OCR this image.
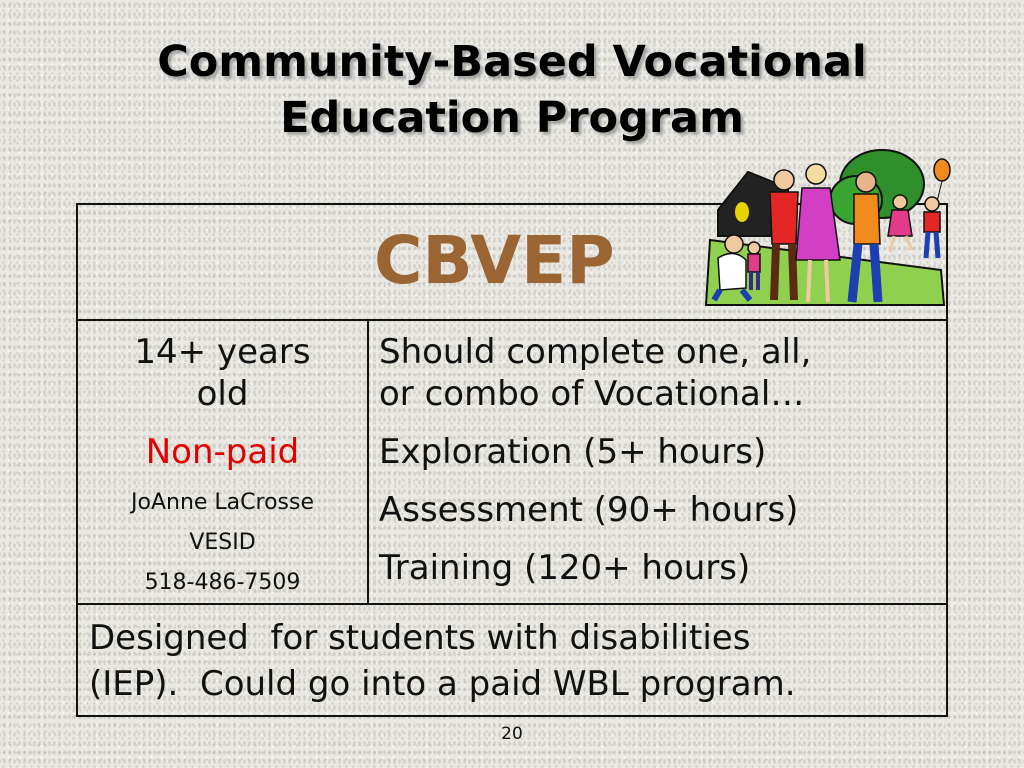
Community-Based Vocational
Education Program
CBVEP
14+ years
old
Non-paid
JoAnne LaCrosse
VESID
518-486-7509
Should complete one, all,
or combo of Vocational…
Exploration (5+ hours)
Assessment (90+ hours)
Training (120+ hours)
Designed  for students with disabilities
(IEP).  Could go into a paid WBL program.
20
